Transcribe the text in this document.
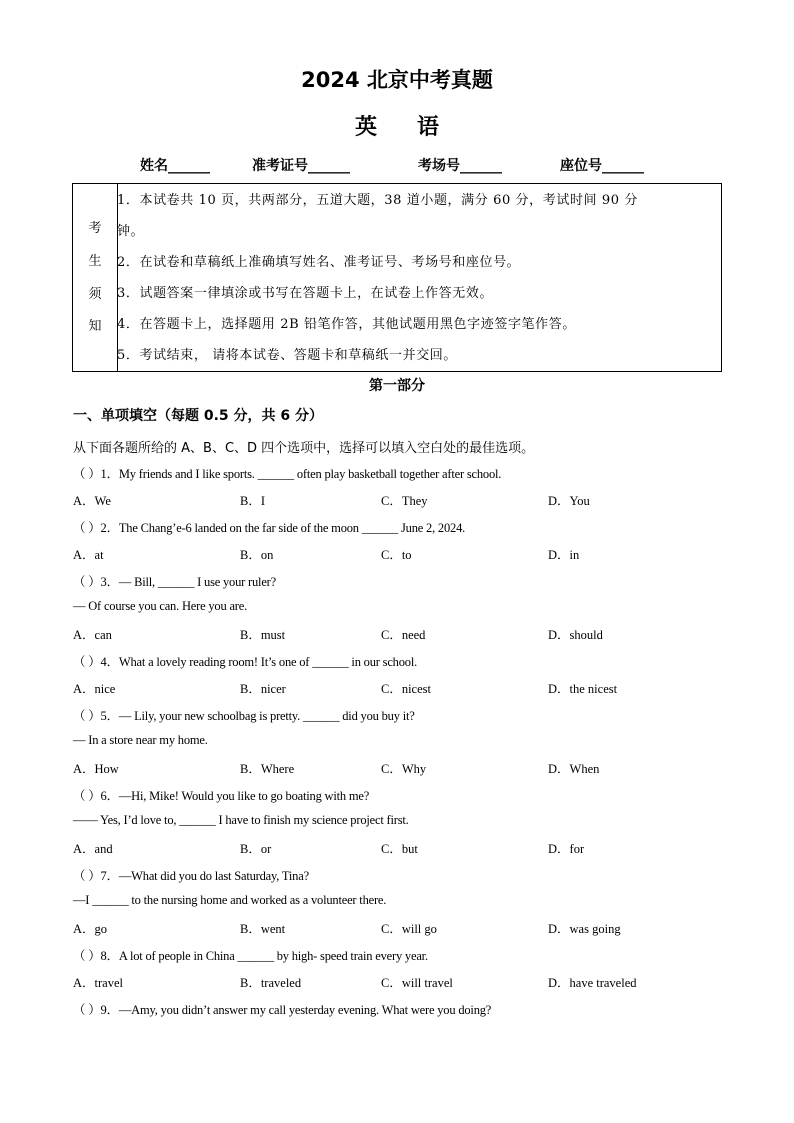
2024 北京中考真题
英语
姓名______	准考证号______	考场号______	座位号______
考
生
须
知
1．本试卷共 10 页，共两部分，五道大题，38 道小题，满分 60 分，考试时间 90 分
钟。
2．在试卷和草稿纸上准确填写姓名、准考证号、考场号和座位号。
3．试题答案一律填涂或书写在答题卡上，在试卷上作答无效。
4．在答题卡上，选择题用 2B 铅笔作答，其他试题用黑色字迹签字笔作答。
5．考试结束， 请将本试卷、答题卡和草稿纸一并交回。
第一部分
一、单项填空（每题 0.5 分，共 6 分）
从下面各题所给的 A、B、C、D 四个选项中，选择可以填入空白处的最佳选项。
（ ）1．My friends and I like sports. ______ often play basketball together after school.
A．We	B．I	C．They	D．You
（ ）2．The Chang’e-6 landed on the far side of the moon ______ June 2, 2024.
A．at	B．on	C．to	D．in
（ ）3．— Bill, ______ I use your ruler?
— Of course you can. Here you are.
A．can	B．must	C．need	D．should
（ ）4．What a lovely reading room! It’s one of ______ in our school.
A．nice	B．nicer	C．nicest	D．the nicest
（ ）5．— Lily, your new schoolbag is pretty. ______ did you buy it?
— In a store near my home.
A．How	B．Where	C．Why	D．When
（ ）6．—Hi, Mike! Would you like to go boating with me?
—— Yes, I’d love to, ______ I have to finish my science project first.
A．and	B．or	C．but	D．for
（ ）7．—What did you do last Saturday, Tina?
—I ______ to the nursing home and worked as a volunteer there.
A．go	B．went	C．will go	D．was going
（ ）8．A lot of people in China ______ by high- speed train every year.
A．travel	B．traveled	C．will travel	D．have traveled
（ ）9．—Amy, you didn’t answer my call yesterday evening. What were you doing?
